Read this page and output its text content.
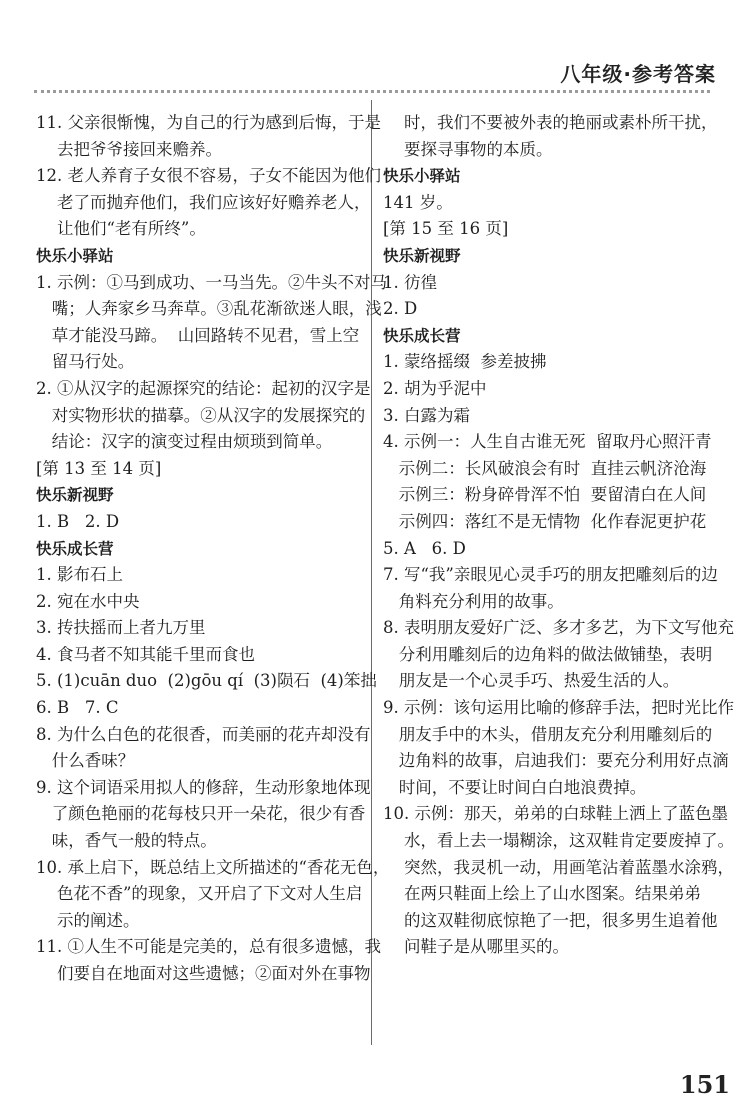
八年级·参考答案
11. 父亲很惭愧，为自己的行为感到后悔，于是
去把爷爷接回来赡养。
12. 老人养育子女很不容易，子女不能因为他们
老了而抛弃他们，我们应该好好赡养老人，
让他们“老有所终”。
快乐小驿站
1. 示例：①马到成功、一马当先。②牛头不对马
嘴；人奔家乡马奔草。③乱花渐欲迷人眼，浅
草才能没马蹄。  山回路转不见君，雪上空
留马行处。
2. ①从汉字的起源探究的结论：起初的汉字是
对实物形状的描摹。②从汉字的发展探究的
结论：汉字的演变过程由烦琐到简单。
[第 13 至 14 页]
快乐新视野
1. B   2. D
快乐成长营
1. 影布石上
2. 宛在水中央
3. 抟扶摇而上者九万里
4. 食马者不知其能千里而食也
5. (1)cuān duo  (2)gōu qí  (3)陨石  (4)笨拙
6. B   7. C
8. 为什么白色的花很香，而美丽的花卉却没有
什么香味？
9. 这个词语采用拟人的修辞，生动形象地体现
了颜色艳丽的花每枝只开一朵花，很少有香
味，香气一般的特点。
10. 承上启下，既总结上文所描述的“香花无色，
色花不香”的现象，又开启了下文对人生启
示的阐述。
11. ①人生不可能是完美的，总有很多遗憾，我
们要自在地面对这些遗憾；②面对外在事物
时，我们不要被外表的艳丽或素朴所干扰，
要探寻事物的本质。
快乐小驿站
141 岁。
[第 15 至 16 页]
快乐新视野
1. 彷徨
2. D
快乐成长营
1. 蒙络摇缀  参差披拂
2. 胡为乎泥中
3. 白露为霜
4. 示例一：人生自古谁无死  留取丹心照汗青
示例二：长风破浪会有时  直挂云帆济沧海
示例三：粉身碎骨浑不怕  要留清白在人间
示例四：落红不是无情物  化作春泥更护花
5. A   6. D
7. 写“我”亲眼见心灵手巧的朋友把雕刻后的边
角料充分利用的故事。
8. 表明朋友爱好广泛、多才多艺，为下文写他充
分利用雕刻后的边角料的做法做铺垫，表明
朋友是一个心灵手巧、热爱生活的人。
9. 示例：该句运用比喻的修辞手法，把时光比作
朋友手中的木头，借朋友充分利用雕刻后的
边角料的故事，启迪我们：要充分利用好点滴
时间，不要让时间白白地浪费掉。
10. 示例：那天，弟弟的白球鞋上洒上了蓝色墨
水，看上去一塌糊涂，这双鞋肯定要废掉了。
突然，我灵机一动，用画笔沾着蓝墨水涂鸦，
在两只鞋面上绘上了山水图案。结果弟弟
的这双鞋彻底惊艳了一把，很多男生追着他
问鞋子是从哪里买的。
151
